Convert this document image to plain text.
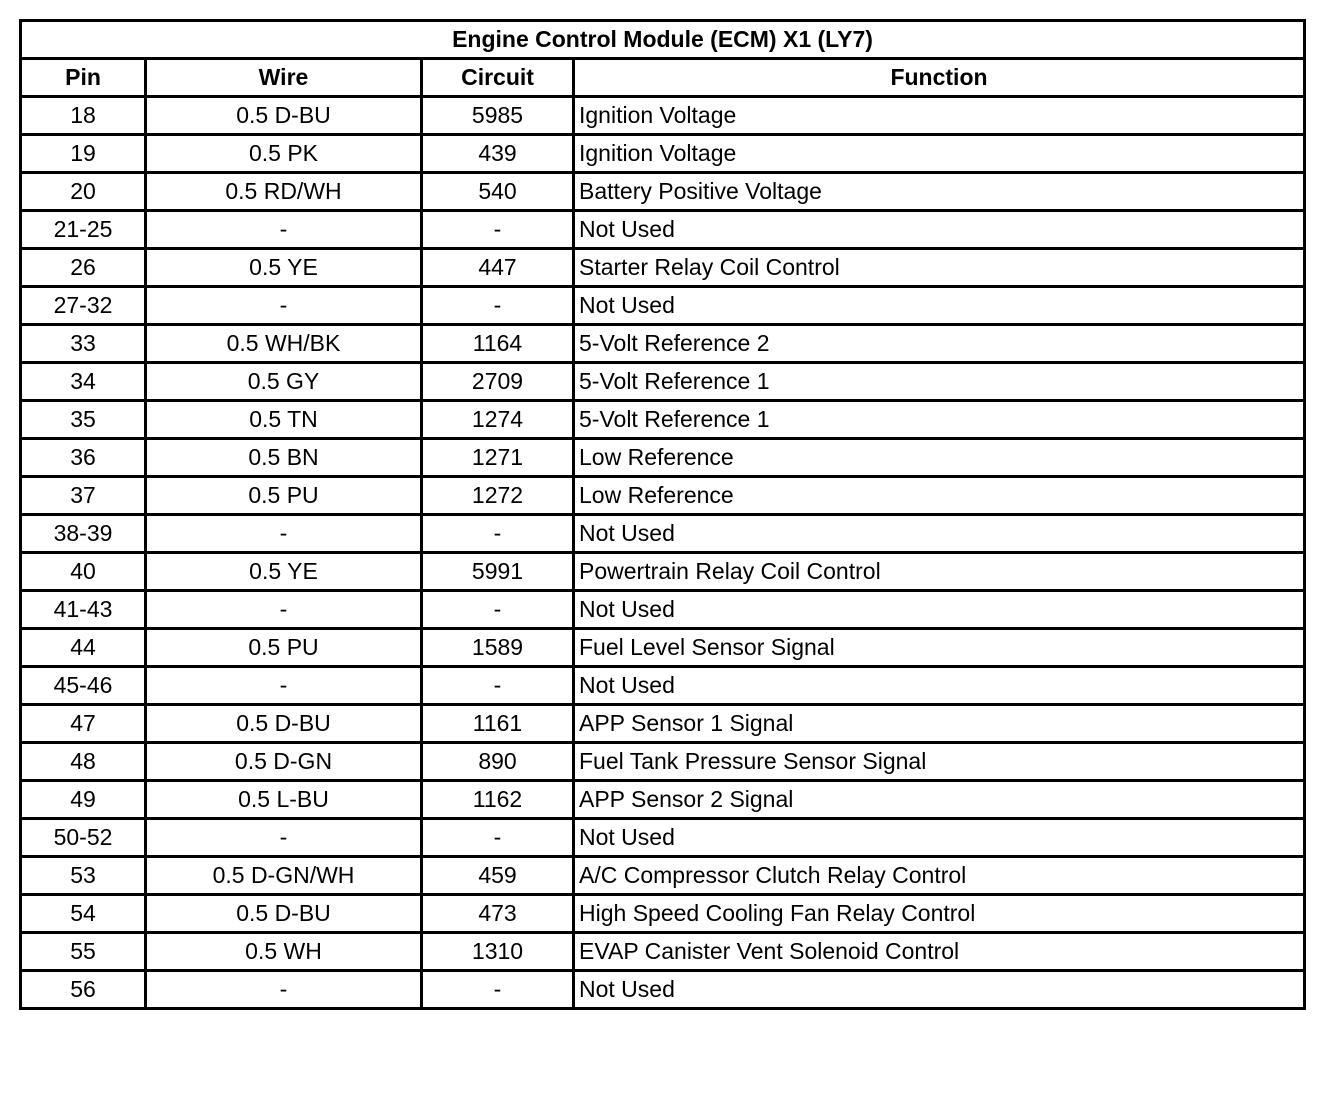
Engine Control Module (ECM) X1 (LY7)			
Pin	Wire	Circuit	Function
18	0.5 D-BU	5985	Ignition Voltage
19	0.5 PK	439	Ignition Voltage
20	0.5 RD/WH	540	Battery Positive Voltage
21-25	-	-	Not Used
26	0.5 YE	447	Starter Relay Coil Control
27-32	-	-	Not Used
33	0.5 WH/BK	1164	5-Volt Reference 2
34	0.5 GY	2709	5-Volt Reference 1
35	0.5 TN	1274	5-Volt Reference 1
36	0.5 BN	1271	Low Reference
37	0.5 PU	1272	Low Reference
38-39	-	-	Not Used
40	0.5 YE	5991	Powertrain Relay Coil Control
41-43	-	-	Not Used
44	0.5 PU	1589	Fuel Level Sensor Signal
45-46	-	-	Not Used
47	0.5 D-BU	1161	APP Sensor 1 Signal
48	0.5 D-GN	890	Fuel Tank Pressure Sensor Signal
49	0.5 L-BU	1162	APP Sensor 2 Signal
50-52	-	-	Not Used
53	0.5 D-GN/WH	459	A/C Compressor Clutch Relay Control
54	0.5 D-BU	473	High Speed Cooling Fan Relay Control
55	0.5 WH	1310	EVAP Canister Vent Solenoid Control
56	-	-	Not Used
